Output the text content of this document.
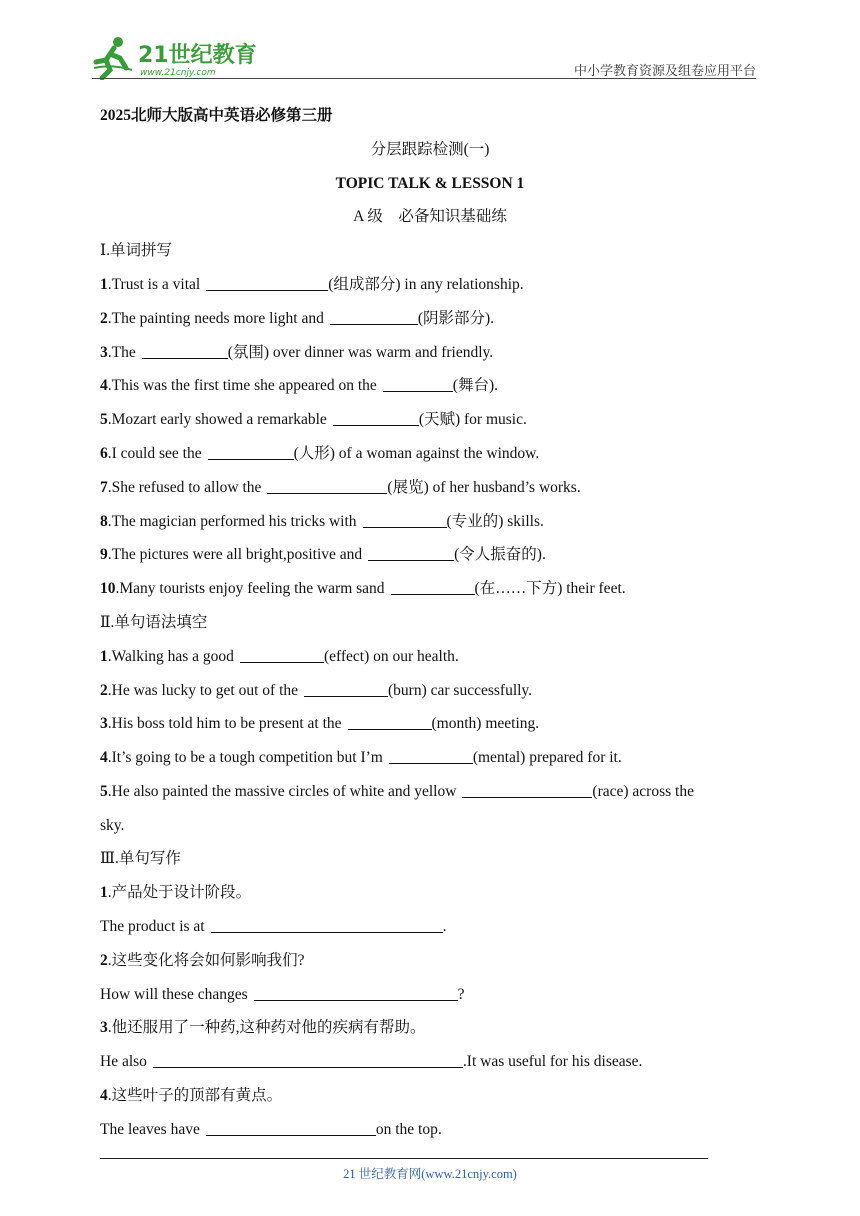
21世纪教育
www.21cnjy.com	中小学教育资源及组卷应用平台
2025北师大版高中英语必修第三册
分层跟踪检测(一)
TOPIC TALK & LESSON 1
A 级　必备知识基础练
Ⅰ.单词拼写
1.Trust is a vital	(组成部分) in any relationship.
2.The painting needs more light and	(阴影部分).
3.The	(氛围) over dinner was warm and friendly.
4.This was the first time she appeared on the	(舞台).
5.Mozart early showed a remarkable	(天赋) for music.
6.I could see the	(人形) of a woman against the window.
7.She refused to allow the	(展览) of her husband’s works.
8.The magician performed his tricks with	(专业的) skills.
9.The pictures were all bright,positive and	(令人振奋的).
10.Many tourists enjoy feeling the warm sand	(在……下方) their feet.
Ⅱ.单句语法填空
1.Walking has a good	(effect) on our health.
2.He was lucky to get out of the	(burn) car successfully.
3.His boss told him to be present at the	(month) meeting.
4.It’s going to be a tough competition but I’m	(mental) prepared for it.
5.He also painted the massive circles of white and yellow	(race) across the
sky.
Ⅲ.单句写作
1.产品处于设计阶段。
The product is at	.
2.这些变化将会如何影响我们?
How will these changes	?
3.他还服用了一种药,这种药对他的疾病有帮助。
He also	.It was useful for his disease.
4.这些叶子的顶部有黄点。
The leaves have	on the top.
21 世纪教育网(www.21cnjy.com)
